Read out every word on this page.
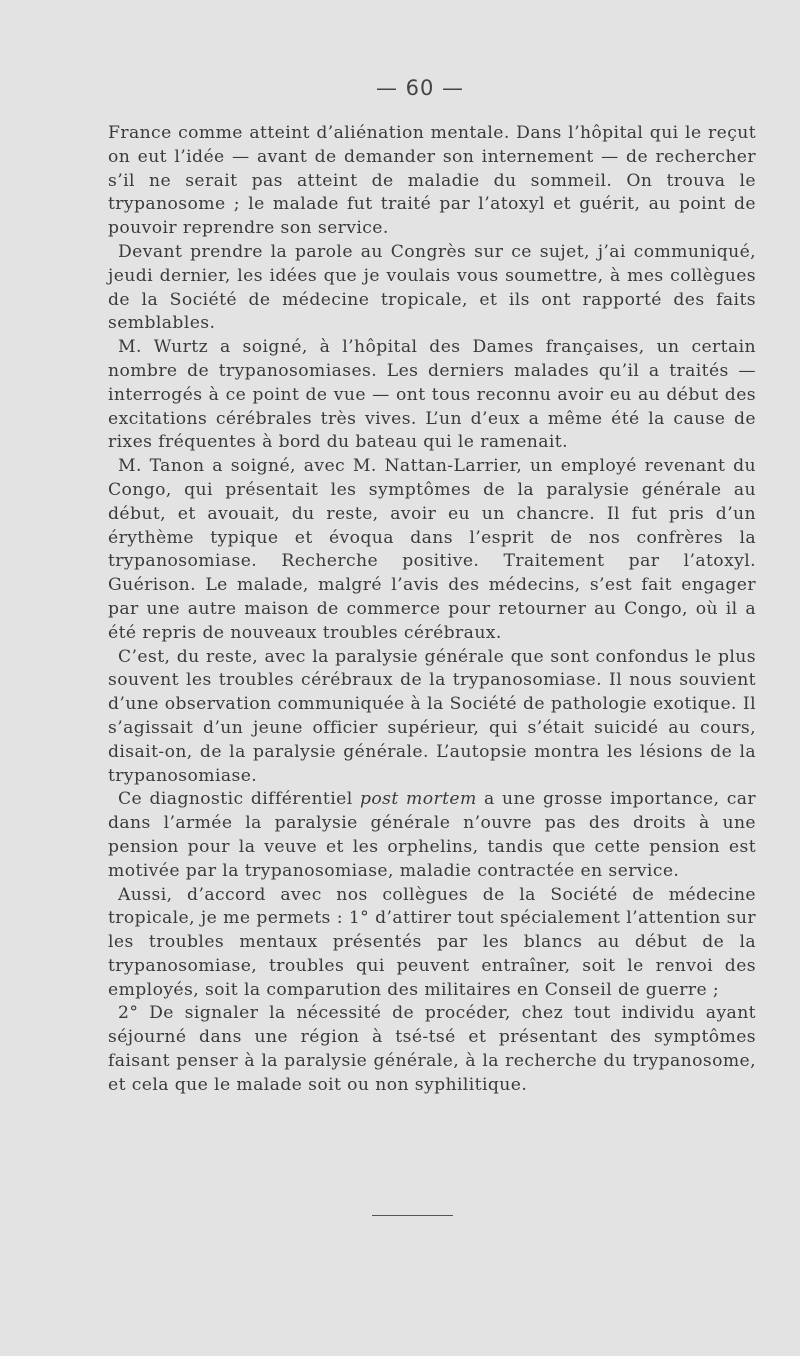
— 60 —

France comme atteint d’aliénation mentale. Dans l’hôpital qui le reçut on eut l’idée — avant de demander son internement — de rechercher s’il ne serait pas atteint de maladie du sommeil. On trouva le trypanosome ; le malade fut traité par l’atoxyl et guérit, au point de pouvoir reprendre son service.

Devant prendre la parole au Congrès sur ce sujet, j’ai communiqué, jeudi dernier, les idées que je voulais vous soumettre, à mes collègues de la Société de médecine tropicale, et ils ont rapporté des faits semblables.

M. Wurtz a soigné, à l’hôpital des Dames françaises, un certain nombre de trypanosomiases. Les derniers malades qu’il a traités — interrogés à ce point de vue — ont tous reconnu avoir eu au début des excitations cérébrales très vives. L’un d’eux a même été la cause de rixes fréquentes à bord du bateau qui le ramenait.

M. Tanon a soigné, avec M. Nattan-Larrier, un employé revenant du Congo, qui présentait les symptômes de la paralysie générale au début, et avouait, du reste, avoir eu un chancre. Il fut pris d’un érythème typique et évoqua dans l’esprit de nos confrères la trypanosomiase. Recherche positive. Traitement par l’atoxyl. Guérison. Le malade, malgré l’avis des médecins, s’est fait engager par une autre maison de commerce pour retourner au Congo, où il a été repris de nouveaux troubles cérébraux.

C’est, du reste, avec la paralysie générale que sont confondus le plus souvent les troubles cérébraux de la trypanosomiase. Il nous souvient d’une observation communiquée à la Société de pathologie exotique. Il s’agissait d’un jeune officier supérieur, qui s’était suicidé au cours, disait-on, de la paralysie générale. L’autopsie montra les lésions de la trypanosomiase.

Ce diagnostic différentiel post mortem a une grosse importance, car dans l’armée la paralysie générale n’ouvre pas des droits à une pension pour la veuve et les orphelins, tandis que cette pension est motivée par la trypanosomiase, maladie contractée en service.

Aussi, d’accord avec nos collègues de la Société de médecine tropicale, je me permets : 1° d’attirer tout spécialement l’attention sur les troubles mentaux présentés par les blancs au début de la trypanosomiase, troubles qui peuvent entraîner, soit le renvoi des employés, soit la comparution des militaires en Conseil de guerre ;

2° De signaler la nécessité de procéder, chez tout individu ayant séjourné dans une région à tsé-tsé et présentant des symptômes faisant penser à la paralysie générale, à la recherche du trypanosome, et cela que le malade soit ou non syphilitique.
